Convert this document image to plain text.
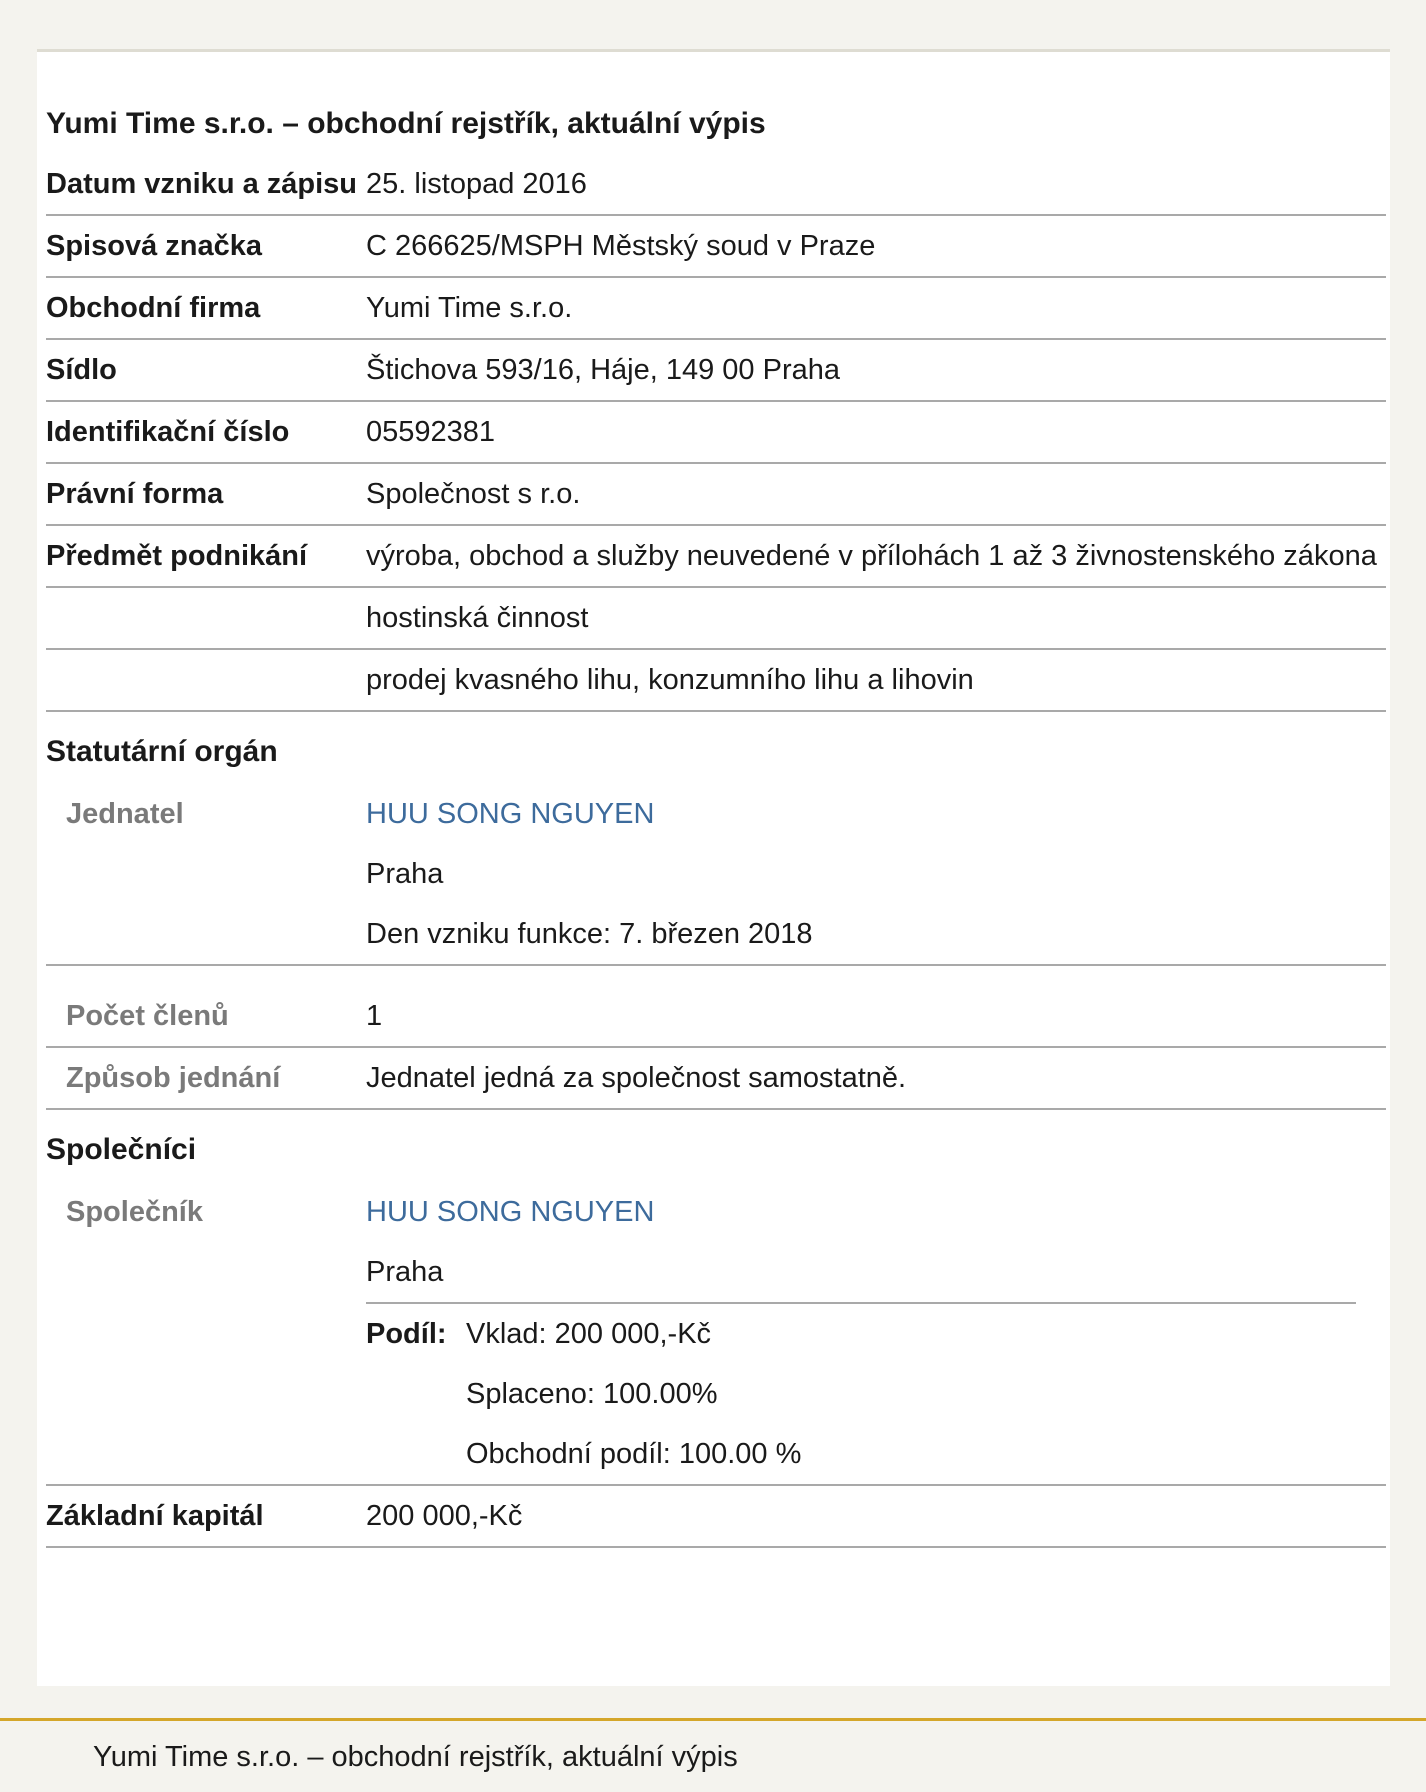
Yumi Time s.r.o. – obchodní rejstřík, aktuální výpis
Datum vzniku a zápisu 25. listopad 2016
Spisová značka	C 266625/MSPH Městský soud v Praze
Obchodní firma	Yumi Time s.r.o.
Sídlo	Štichova 593/16, Háje, 149 00 Praha
Identifikační číslo	05592381
Právní forma	Společnost s r.o.
Předmět podnikání	výroba, obchod a služby neuvedené v přílohách 1 až 3 živnostenského zákona
hostinská činnost
prodej kvasného lihu, konzumního lihu a lihovin
Statutární orgán
Jednatel	HUU SONG NGUYEN
Praha
Den vzniku funkce: 7. březen 2018
Počet členů	1
Způsob jednání	Jednatel jedná za společnost samostatně.
Společníci
Společník	HUU SONG NGUYEN
Praha
Podíl: Vklad: 200 000,-Kč
Splaceno: 100.00%
Obchodní podíl: 100.00 %
Základní kapitál	200 000,-Kč
Yumi Time s.r.o. – obchodní rejstřík, aktuální výpis
